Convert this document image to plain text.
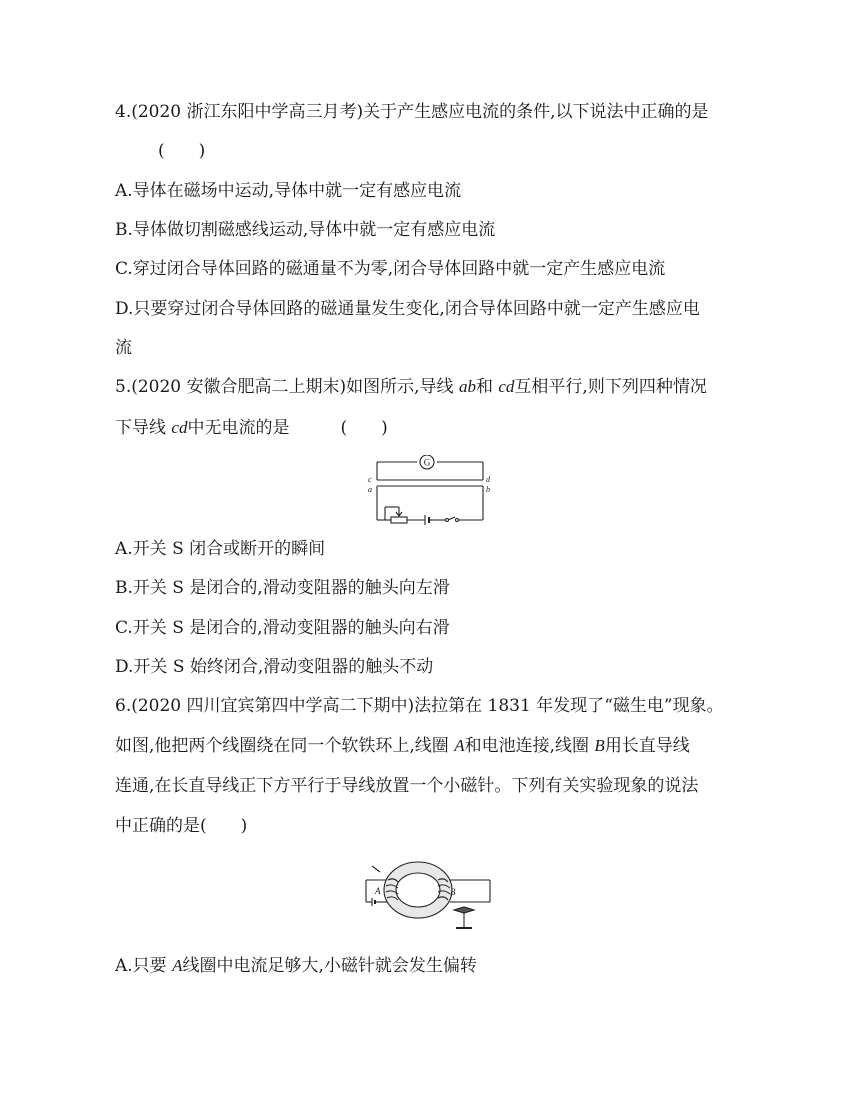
4.(2020 浙江东阳中学高三月考)关于产生感应电流的条件,以下说法中正确的是
(　　)
A.导体在磁场中运动,导体中就一定有感应电流
B.导体做切割磁感线运动,导体中就一定有感应电流
C.穿过闭合导体回路的磁通量不为零,闭合导体回路中就一定产生感应电流
D.只要穿过闭合导体回路的磁通量发生变化,闭合导体回路中就一定产生感应电
流
5.(2020 安徽合肥高二上期末)如图所示,导线 ab和 cd互相平行,则下列四种情况
下导线 cd中无电流的是　　　(　　)
G
c	d
a	b
A.开关 S 闭合或断开的瞬间
B.开关 S 是闭合的,滑动变阻器的触头向左滑
C.开关 S 是闭合的,滑动变阻器的触头向右滑
D.开关 S 始终闭合,滑动变阻器的触头不动
6.(2020 四川宜宾第四中学高二下期中)法拉第在 1831 年发现了“磁生电”现象。
如图,他把两个线圈绕在同一个软铁环上,线圈 A和电池连接,线圈 B用长直导线
连通,在长直导线正下方平行于导线放置一个小磁针。下列有关实验现象的说法
中正确的是(　　)
A	B
A.只要 A线圈中电流足够大,小磁针就会发生偏转
